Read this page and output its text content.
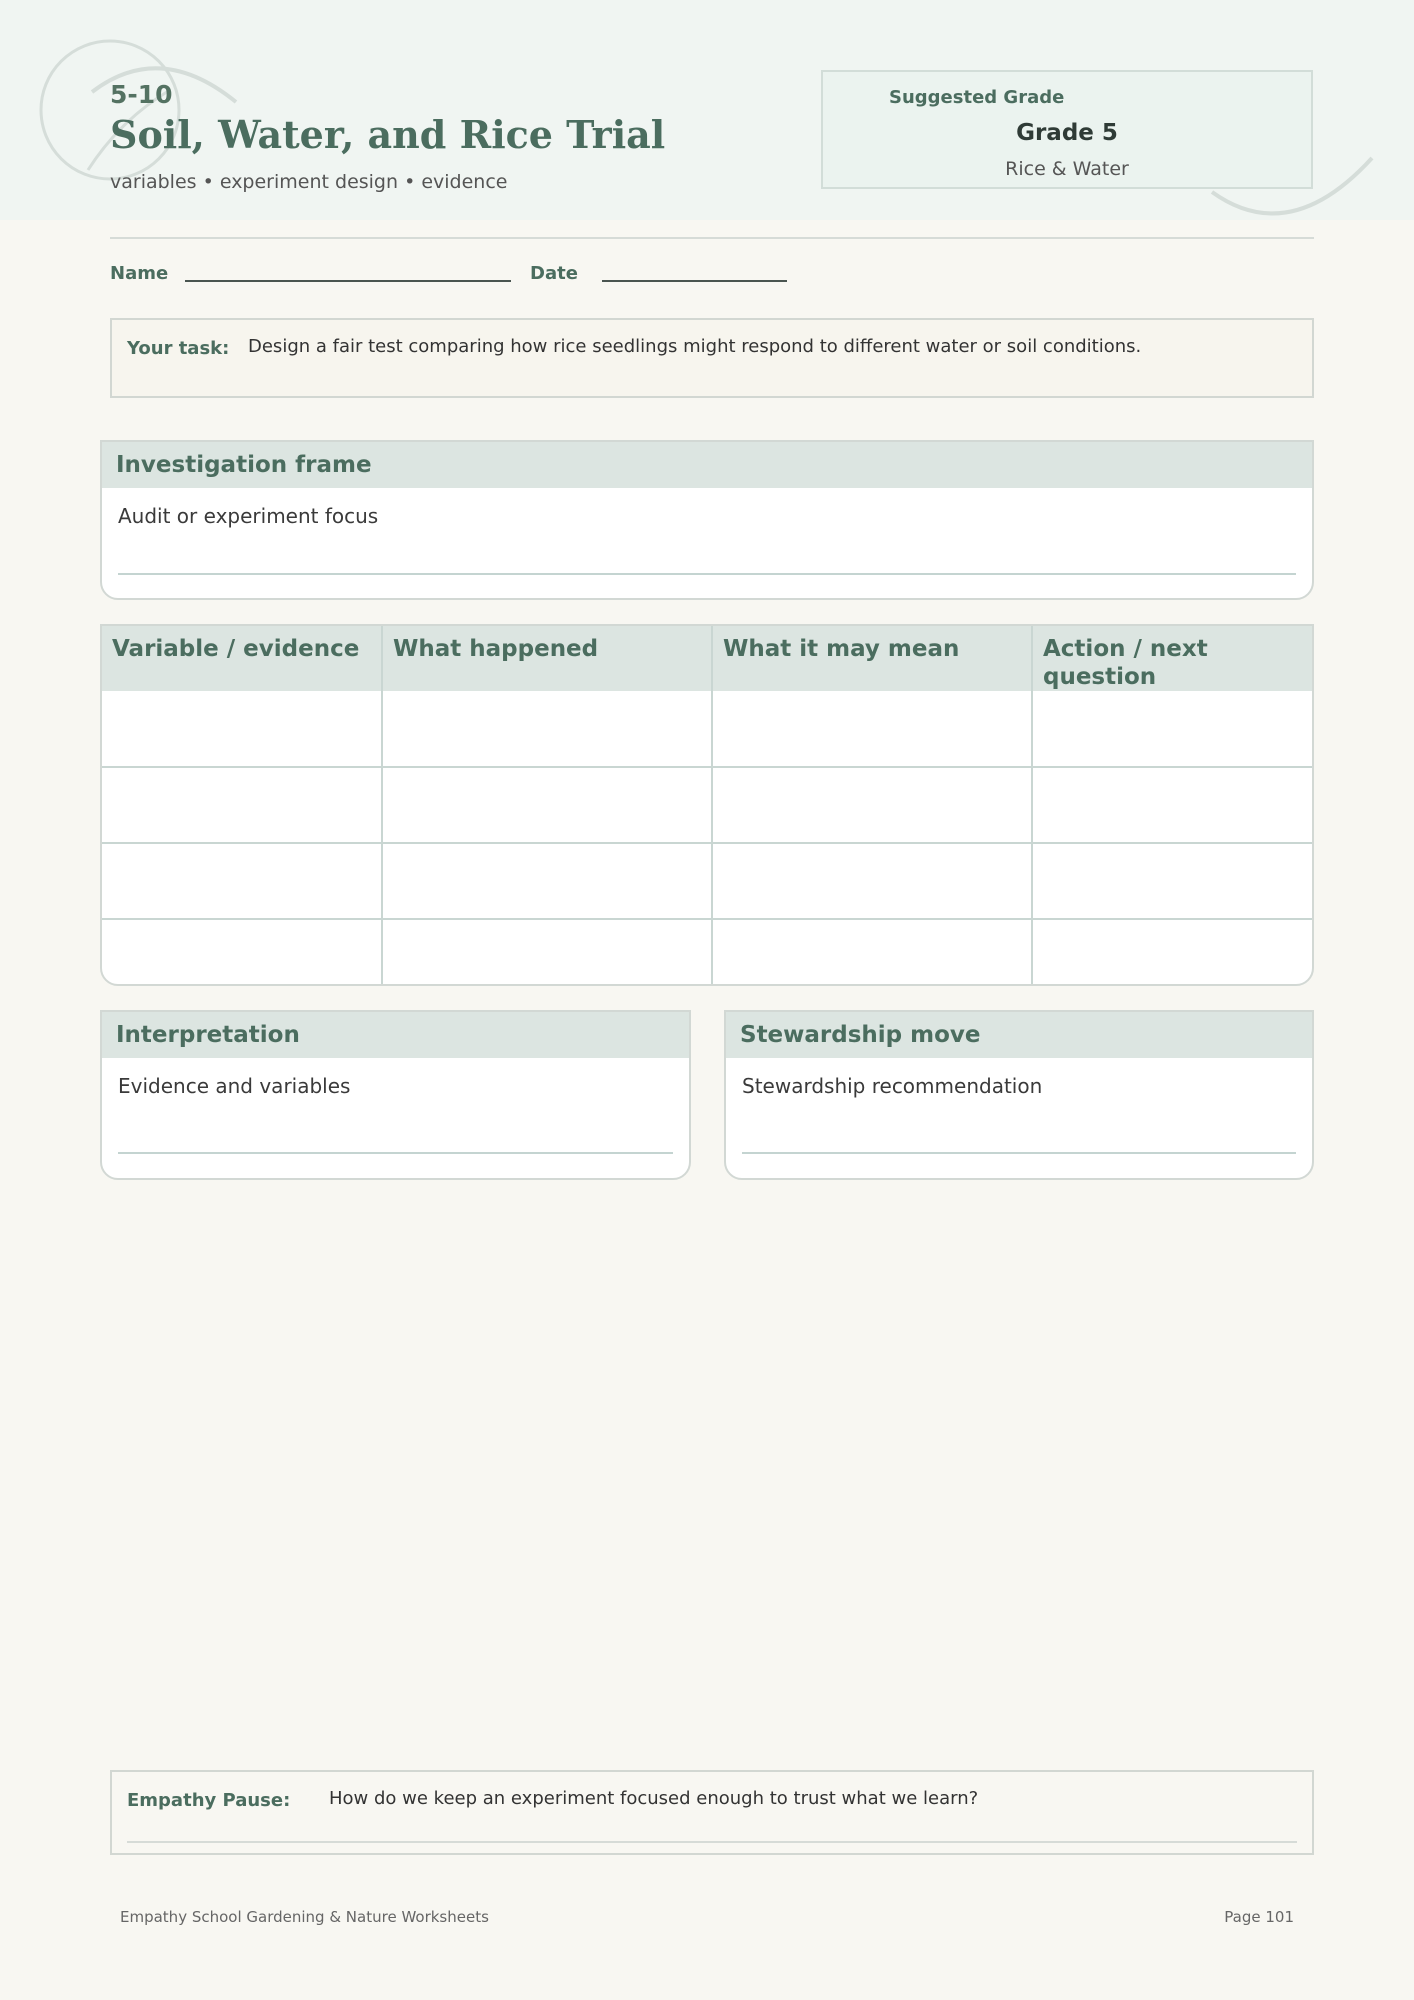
5-10
Soil, Water, and Rice Trial
variables • experiment design • evidence
Suggested Grade
Grade 5
Rice & Water
Name	Date
Your task: Design a fair test comparing how rice seedlings might respond to different water or soil conditions.
Investigation frame
Audit or experiment focus
Variable / evidence	What happened	What it may mean	Action / next question

Interpretation
Evidence and variables
Stewardship move
Stewardship recommendation
Empathy Pause: How do we keep an experiment focused enough to trust what we learn?
Empathy School Gardening & Nature Worksheets	Page 101
